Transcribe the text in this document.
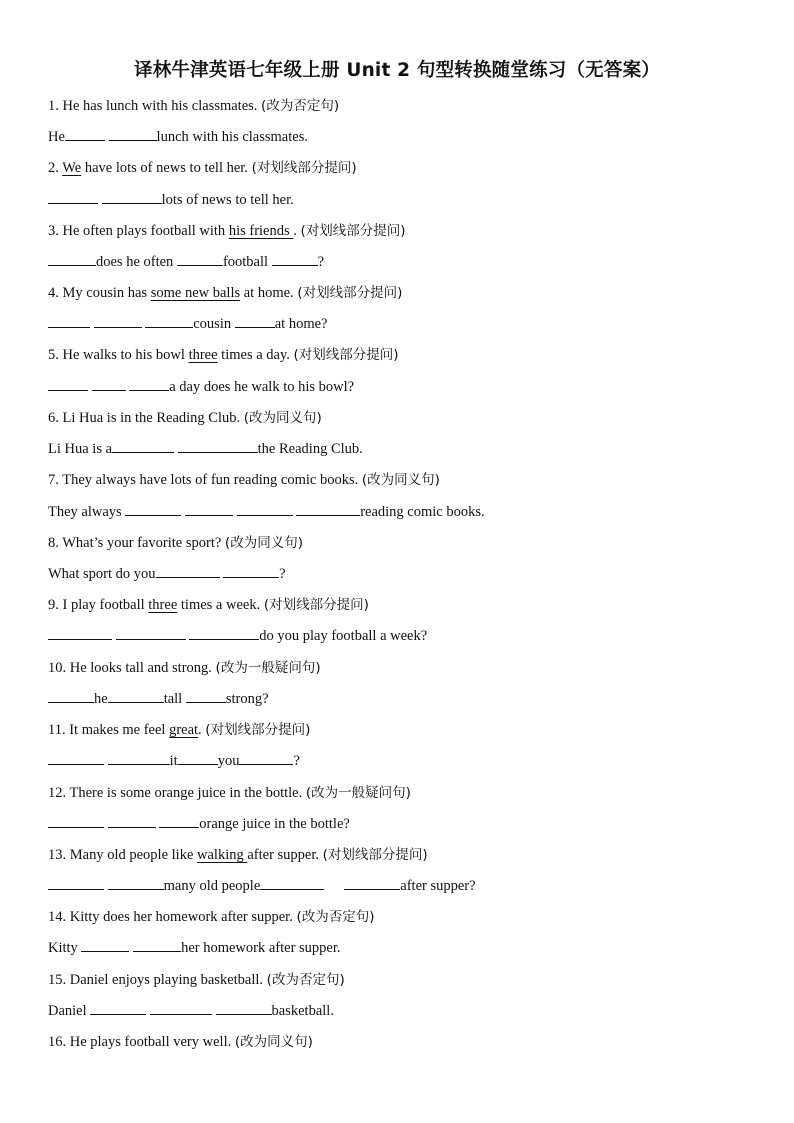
译林牛津英语七年级上册 Unit 2 句型转换随堂练习（无答案）
1. He has lunch with his classmates. (改为否定句)
He	lunch with his classmates.
2. We have lots of news to tell her. (对划线部分提问)
lots of news to tell her.
3. He often plays football with his friends . (对划线部分提问)
does he often	football	?
4. My cousin has some new balls at home. (对划线部分提问)
cousin	at home?
5. He walks to his bowl three times a day. (对划线部分提问)
a day does he walk to his bowl?
6. Li Hua is in the Reading Club. (改为同义句)
Li Hua is a	the Reading Club.
7. They always have lots of fun reading comic books. (改为同义句)
They always	reading comic books.
8. What’s your favorite sport? (改为同义句)
What sport do you	?
9. I play football three times a week. (对划线部分提问)
do you play football a week?
10. He looks tall and strong. (改为一般疑问句)
he	tall	strong?
11. It makes me feel great. (对划线部分提问)
it	you	?
12. There is some orange juice in the bottle. (改为一般疑问句)
orange juice in the bottle?
13. Many old people like walking after supper. (对划线部分提问)
many old people	after supper?
14. Kitty does her homework after supper. (改为否定句)
Kitty	her homework after supper.
15. Daniel enjoys playing basketball. (改为否定句)
Daniel	basketball.
16. He plays football very well. (改为同义句)
